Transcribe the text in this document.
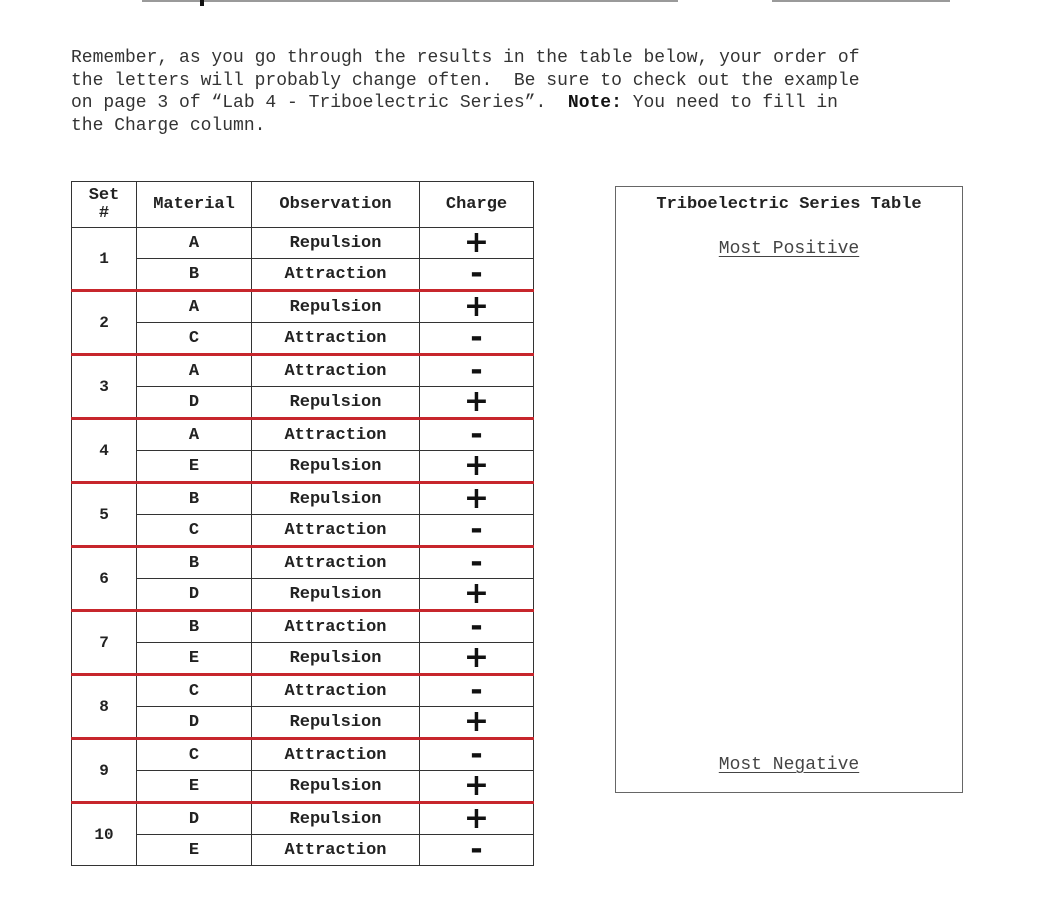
Remember, as you go through the results in the table below, your order of

the letters will probably change often.  Be sure to check out the example

on page 3 of “Lab 4 - Triboelectric Series”.  Note: You need to fill in

the Charge column.

Set
#	Material	Observation	Charge
1	A	Repulsion	+
	B	Attraction	-
2	A	Repulsion	+
	C	Attraction	-
3	A	Attraction	-
	D	Repulsion	+
4	A	Attraction	-
	E	Repulsion	+
5	B	Repulsion	+
	C	Attraction	-
6	B	Attraction	-
	D	Repulsion	+
7	B	Attraction	-
	E	Repulsion	+
8	C	Attraction	-
	D	Repulsion	+
9	C	Attraction	-
	E	Repulsion	+
10	D	Repulsion	+
	E	Attraction	-
Triboelectric Series Table
Most Positive
Most Negative
